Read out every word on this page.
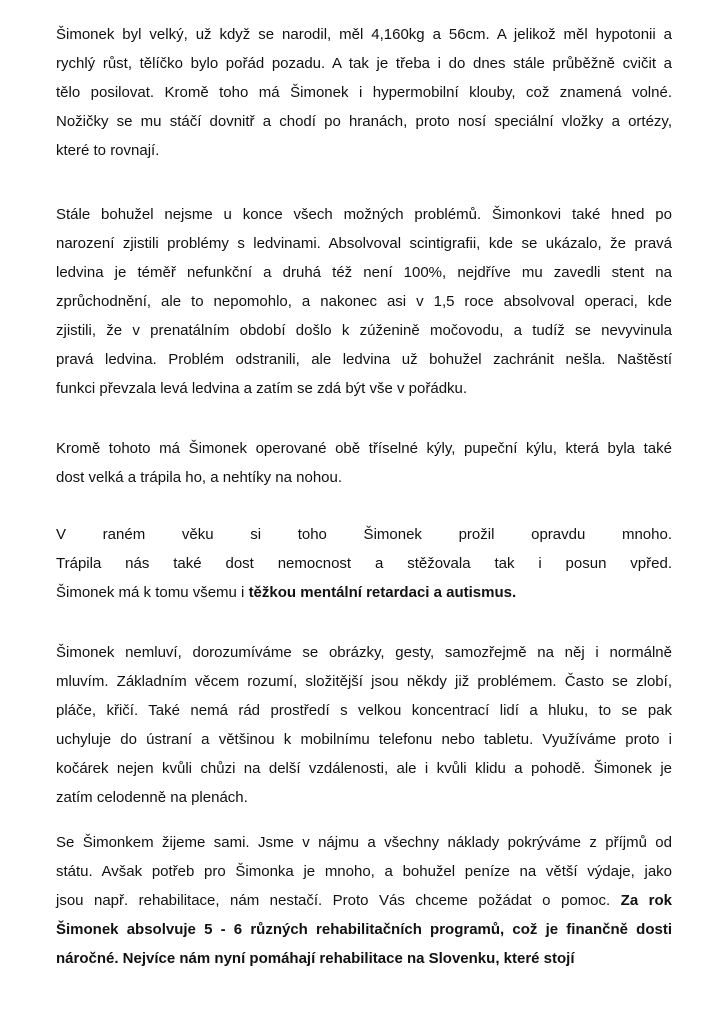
Šimonek byl velký, už když se narodil, měl 4,160kg a 56cm. A jelikož měl hypotonii a
rychlý růst, tělíčko bylo pořád pozadu. A tak je třeba i do dnes stále průběžně cvičit a
tělo posilovat. Kromě toho má Šimonek i hypermobilní klouby, což znamená volné.
Nožičky se mu stáčí dovnitř a chodí po hranách, proto nosí speciální vložky a ortézy,
které to rovnají.

Stále bohužel nejsme u konce všech možných problémů. Šimonkovi také hned po
narození zjistili problémy s ledvinami. Absolvoval scintigrafii, kde se ukázalo, že pravá
ledvina je téměř nefunkční a druhá též není 100%, nejdříve mu zavedli stent na
zprůchodnění, ale to nepomohlo, a nakonec asi v 1,5 roce absolvoval operaci, kde
zjistili, že v prenatálním období došlo k zúženině močovodu, a tudíž se nevyvinula
pravá ledvina. Problém odstranili, ale ledvina už bohužel zachránit nešla. Naštěstí
funkci převzala levá ledvina a zatím se zdá být vše v pořádku.

Kromě tohoto má Šimonek operované obě tříselné kýly, pupeční kýlu, která byla také
dost velká a trápila ho, a nehtíky na nohou.

V raném věku si toho Šimonek prožil opravdu mnoho.
Trápila nás také dost nemocnost a stěžovala tak i posun vpřed.
Šimonek má k tomu všemu i těžkou mentální retardaci a autismus.

Šimonek nemluví, dorozumíváme se obrázky, gesty, samozřejmě na něj i normálně
mluvím. Základním věcem rozumí, složitější jsou někdy již problémem. Často se zlobí,
pláče, křičí. Také nemá rád prostředí s velkou koncentrací lidí a hluku, to se pak
uchyluje do ústraní a většinou k mobilnímu telefonu nebo tabletu. Využíváme proto i
kočárek nejen kvůli chůzi na delší vzdálenosti, ale i kvůli klidu a pohodě. Šimonek je
zatím celodenně na plenách.

Se Šimonkem žijeme sami. Jsme v nájmu a všechny náklady pokrýváme z příjmů od
státu. Avšak potřeb pro Šimonka je mnoho, a bohužel peníze na větší výdaje, jako
jsou např. rehabilitace, nám nestačí. Proto Vás chceme požádat o pomoc. Za rok
Šimonek absolvuje 5 - 6 různých rehabilitačních programů, což je finančně dosti
náročné. Nejvíce nám nyní pomáhají rehabilitace na Slovenku, které stojí
